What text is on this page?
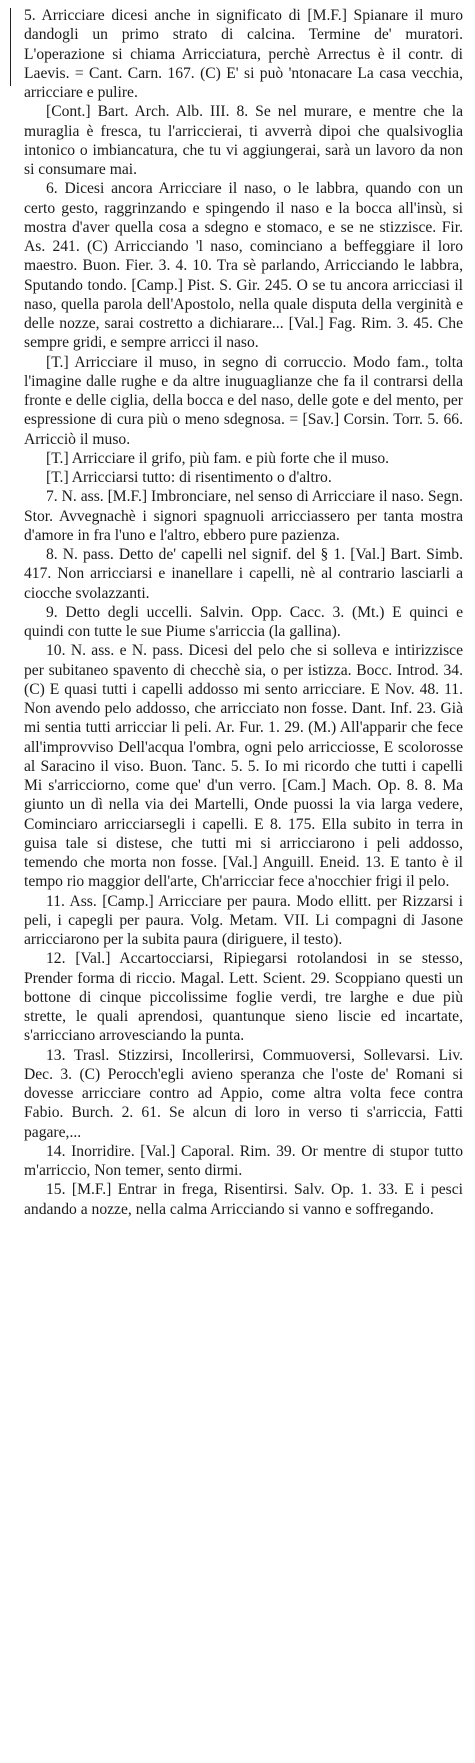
5. Arricciare dicesi anche in significato di [M.F.] Spianare il muro dandogli un primo strato di calcina. Termine de' muratori. L'operazione si chiama Arricciatura, perchè Arrectus è il contr. di Laevis. = Cant. Carn. 167. (C) E' si può 'ntonacare La casa vecchia, arricciare e pulire.

[Cont.] Bart. Arch. Alb. III. 8. Se nel murare, e mentre che la muraglia è fresca, tu l'arriccierai, ti avverrà dipoi che qualsivoglia intonico o imbiancatura, che tu vi aggiungerai, sarà un lavoro da non si consumare mai.

6. Dicesi ancora Arricciare il naso, o le labbra, quando con un certo gesto, raggrinzando e spingendo il naso e la bocca all'insù, si mostra d'aver quella cosa a sdegno e stomaco, e se ne stizzisce. Fir. As. 241. (C) Arricciando 'l naso, cominciano a beffeggiare il loro maestro. Buon. Fier. 3. 4. 10. Tra sè parlando, Arricciando le labbra, Sputando tondo. [Camp.] Pist. S. Gir. 245. O se tu ancora arricciasi il naso, quella parola dell'Apostolo, nella quale disputa della verginità e delle nozze, sarai costretto a dichiarare... [Val.] Fag. Rim. 3. 45. Che sempre gridi, e sempre arricci il naso.

[T.] Arricciare il muso, in segno di corruccio. Modo fam., tolta l'imagine dalle rughe e da altre inuguaglianze che fa il contrarsi della fronte e delle ciglia, della bocca e del naso, delle gote e del mento, per espressione di cura più o meno sdegnosa. = [Sav.] Corsin. Torr. 5. 66. Arricciò il muso.

[T.] Arricciare il grifo, più fam. e più forte che il muso.

[T.] Arricciarsi tutto: di risentimento o d'altro.

7. N. ass. [M.F.] Imbronciare, nel senso di Arricciare il naso. Segn. Stor. Avvegnachè i signori spagnuoli arricciassero per tanta mostra d'amore in fra l'uno e l'altro, ebbero pure pazienza.

8. N. pass. Detto de' capelli nel signif. del § 1. [Val.] Bart. Simb. 417. Non arricciarsi e inanellare i capelli, nè al contrario lasciarli a ciocche svolazzanti.

9. Detto degli uccelli. Salvin. Opp. Cacc. 3. (Mt.) E quinci e quindi con tutte le sue Piume s'arriccia (la gallina).

10. N. ass. e N. pass. Dicesi del pelo che si solleva e intirizzisce per subitaneo spavento di checchè sia, o per istizza. Bocc. Introd. 34. (C) E quasi tutti i capelli addosso mi sento arricciare. E Nov. 48. 11. Non avendo pelo addosso, che arricciato non fosse. Dant. Inf. 23. Già mi sentia tutti arricciar li peli. Ar. Fur. 1. 29. (M.) All'apparir che fece all'improvviso Dell'acqua l'ombra, ogni pelo arricciosse, E scolorosse al Saracino il viso. Buon. Tanc. 5. 5. Io mi ricordo che tutti i capelli Mi s'arricciorno, come que' d'un verro. [Cam.] Mach. Op. 8. 8. Ma giunto un dì nella via dei Martelli, Onde puossi la via larga vedere, Cominciaro arricciarsegli i capelli. E 8. 175. Ella subito in terra in guisa tale si distese, che tutti mi si arricciarono i peli addosso, temendo che morta non fosse. [Val.] Anguill. Eneid. 13. E tanto è il tempo rio maggior dell'arte, Ch'arricciar fece a'nocchier frigi il pelo.

11. Ass. [Camp.] Arricciare per paura. Modo ellitt. per Rizzarsi i peli, i capegli per paura. Volg. Metam. VII. Li compagni di Jasone arricciarono per la subita paura (diriguere, il testo).

12. [Val.] Accartocciarsi, Ripiegarsi rotolandosi in se stesso, Prender forma di riccio. Magal. Lett. Scient. 29. Scoppiano questi un bottone di cinque piccolissime foglie verdi, tre larghe e due più strette, le quali aprendosi, quantunque sieno liscie ed incartate, s'arricciano arrovesciando la punta.

13. Trasl. Stizzirsi, Incollerirsi, Commuoversi, Sollevarsi. Liv. Dec. 3. (C) Perocch'egli avieno speranza che l'oste de' Romani si dovesse arricciare contro ad Appio, come altra volta fece contra Fabio. Burch. 2. 61. Se alcun di loro in verso ti s'arriccia, Fatti pagare,...

14. Inorridire. [Val.] Caporal. Rim. 39. Or mentre di stupor tutto m'arriccio, Non temer, sento dirmi.

15. [M.F.] Entrar in fregа, Risentirsi. Salv. Op. 1. 33. E i pesci andando a nozze, nella calma Arricciando si vanno e soffregando.
